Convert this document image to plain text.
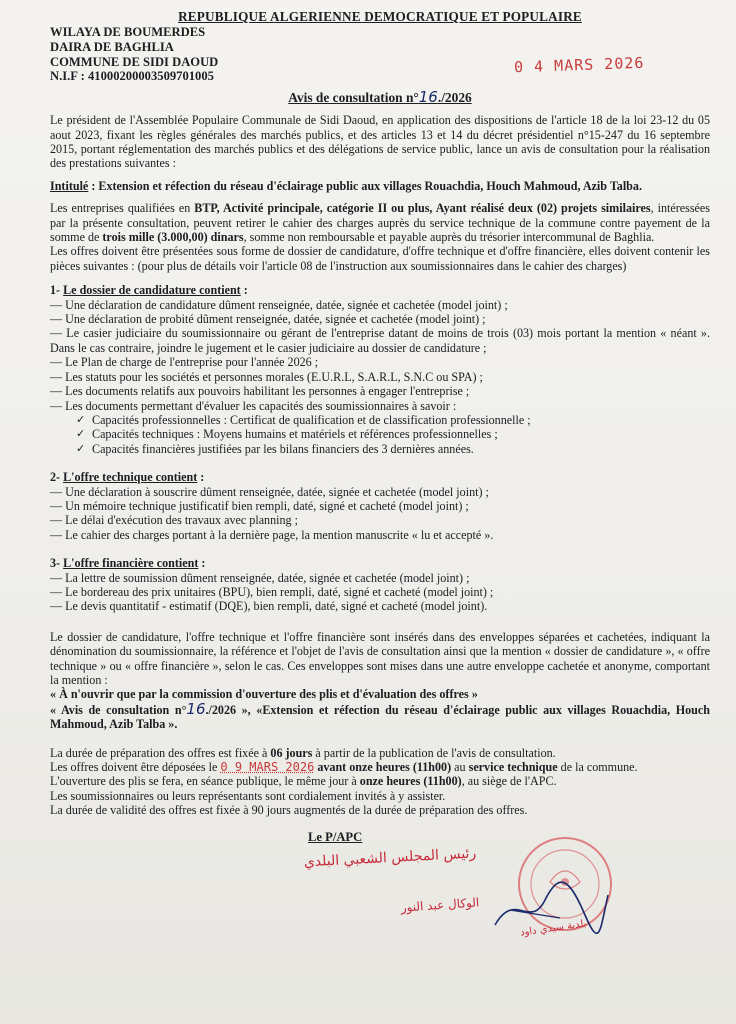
REPUBLIQUE ALGERIENNE DEMOCRATIQUE ET POPULAIRE
WILAYA DE BOUMERDES
DAIRA DE BAGHLIA
COMMUNE DE SIDI DAOUD
N.I.F : 41000200003509701005	0 4 MARS 2026
Avis de consultation n°16./2026

Le président de l'Assemblée Populaire Communale de Sidi Daoud, en application des dispositions de l'article 18 de la loi 23-12 du 05 aout 2023, fixant les règles générales des marchés publics, et des articles 13 et 14 du décret présidentiel n°15-247 du 16 septembre 2015, portant réglementation des marchés publics et des délégations de service public, lance un avis de consultation pour la réalisation des prestations suivantes :

Intitulé : Extension et réfection du réseau d'éclairage public aux villages Rouachdia, Houch Mahmoud, Azib Talba.

Les entreprises qualifiées en BTP, Activité principale, catégorie II ou plus, Ayant réalisé deux (02) projets similaires, intéressées par la présente consultation, peuvent retirer le cahier des charges auprès du service technique de la commune contre payement de la somme de trois mille (3.000,00) dinars, somme non remboursable et payable auprès du trésorier intercommunal de Baghlia.

Les offres doivent être présentées sous forme de dossier de candidature, d'offre technique et d'offre financière, elles doivent contenir les pièces suivantes : (pour plus de détails voir l'article 08 de l'instruction aux soumissionnaires dans le cahier des charges)

1- Le dossier de candidature contient :
— Une déclaration de candidature dûment renseignée, datée, signée et cachetée (model joint) ;
— Une déclaration de probité dûment renseignée, datée, signée et cachetée (model joint) ;
— Le casier judiciaire du soumissionnaire ou gérant de l'entreprise datant de moins de trois (03) mois portant la mention « néant ». Dans le cas contraire, joindre le jugement et le casier judiciaire au dossier de candidature ;
— Le Plan de charge de l'entreprise pour l'année 2026 ;
— Les statuts pour les sociétés et personnes morales (E.U.R.L, S.A.R.L, S.N.C ou SPA) ;
— Les documents relatifs aux pouvoirs habilitant les personnes à engager l'entreprise ;
— Les documents permettant d'évaluer les capacités des soumissionnaires à savoir :
✓ Capacités professionnelles : Certificat de qualification et de classification professionnelle ;
✓ Capacités techniques : Moyens humains et matériels et références professionnelles ;
✓ Capacités financières justifiées par les bilans financiers des 3 dernières années.
2- L'offre technique contient :
— Une déclaration à souscrire dûment renseignée, datée, signée et cachetée (model joint) ;
— Un mémoire technique justificatif bien rempli, daté, signé et cacheté (model joint) ;
— Le délai d'exécution des travaux avec planning ;
— Le cahier des charges portant à la dernière page, la mention manuscrite « lu et accepté ».
3- L'offre financière contient :
— La lettre de soumission dûment renseignée, datée, signée et cachetée (model joint) ;
— Le bordereau des prix unitaires (BPU), bien rempli, daté, signé et cacheté (model joint) ;
— Le devis quantitatif - estimatif (DQE), bien rempli, daté, signé et cacheté (model joint).

Le dossier de candidature, l'offre technique et l'offre financière sont insérés dans des enveloppes séparées et cachetées, indiquant la dénomination du soumissionnaire, la référence et l'objet de l'avis de consultation ainsi que la mention « dossier de candidature », « offre technique » ou « offre financière », selon le cas. Ces enveloppes sont mises dans une autre enveloppe cachetée et anonyme, comportant la mention :

« À n'ouvrir que par la commission d'ouverture des plis et d'évaluation des offres »

« Avis de consultation n°16./2026 », «Extension et réfection du réseau d'éclairage public aux villages Rouachdia, Houch Mahmoud, Azib Talba ».

La durée de préparation des offres est fixée à 06 jours à partir de la publication de l'avis de consultation.

Les offres doivent être déposées le 0 9 MARS 2026 avant onze heures (11h00) au service technique de la commune.

L'ouverture des plis se fera, en séance publique, le même jour à onze heures (11h00), au siège de l'APC.

Les soumissionnaires ou leurs représentants sont cordialement invités à y assister.

La durée de validité des offres est fixée à 90 jours augmentés de la durée de préparation des offres.

Le P/APC
رئيس المجلس الشعبي البلدي
الوكال عبد النور
بلدية سيدي داود
